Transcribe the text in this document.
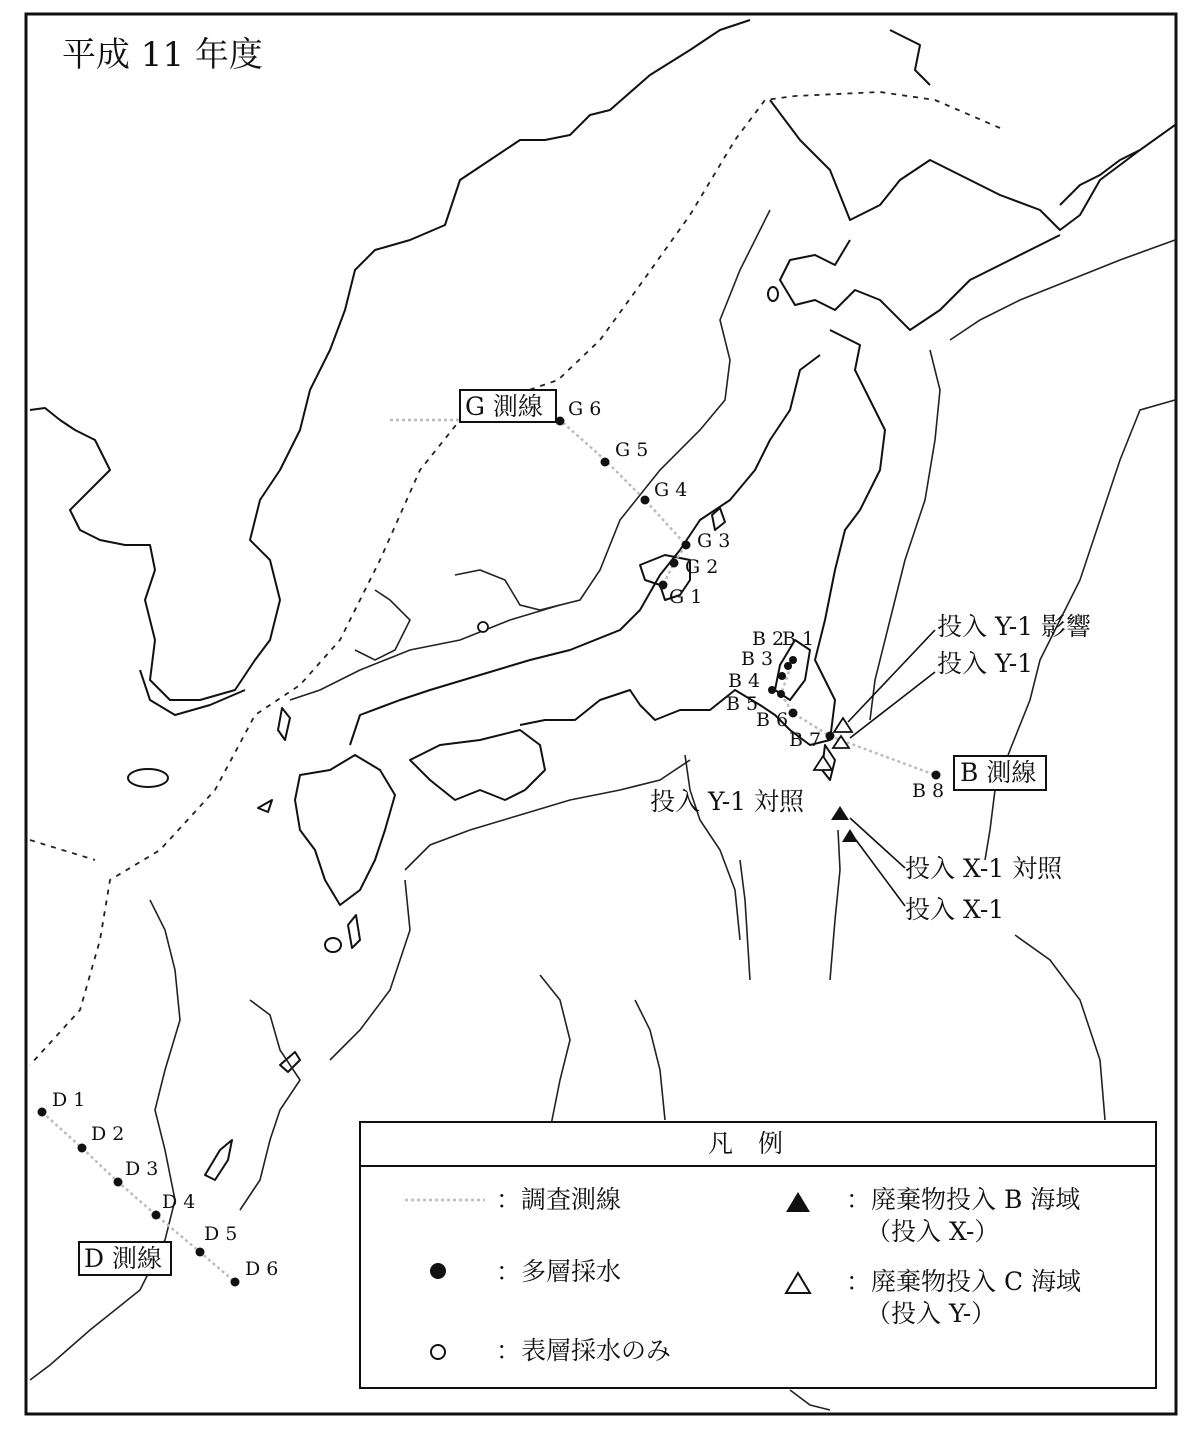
G 6
G 5
G 4
G 3
G 2
G 1
B 1
B 2
B 3
B 4
B 5
B 6
B 7
B 8
D 1
D 2
D 3
D 4
D 5
D 6
投入 Y-1 影響
投入 Y-1
投入 Y-1 対照
投入 X-1 対照
投入 X-1
G 測線
B 測線
D 測線
平成 11 年度
凡　例
：調査測線
：多層採水
：表層採水のみ
：廃棄物投入 B 海域
（投入 X-）
：廃棄物投入 C 海域
（投入 Y-）
